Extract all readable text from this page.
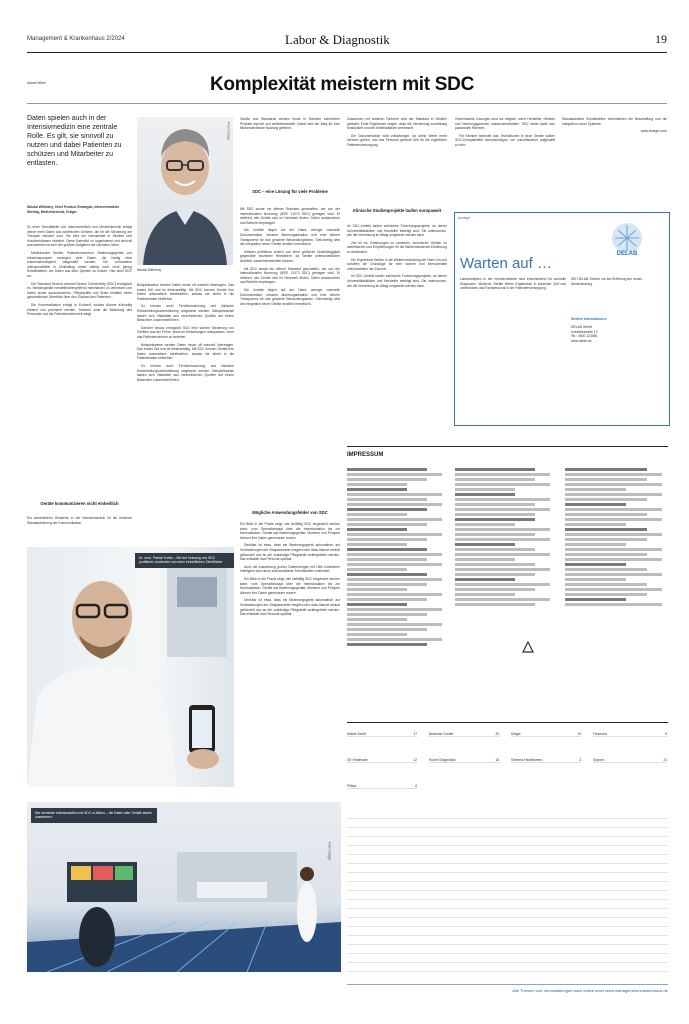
Management & Krankenhaus 2/2024	Labor & Diagnostik	19
Ariane Böhm	Komplexität meistern mit SDC
Daten spielen auch in der Intensivmedizin eine zentrale Rolle. Es gilt, sie sinnvoll zu nutzen und dabei Patienten zu schützen und Mitarbeiter zu entlasten.
Nikolai Wilhelmy, Chief Product Strategist, Intensivmedizin Wichtig, Medizintechnik, Dräger

Zu einer Schnittstelle von Intensivmedizin und Medizintechnik erfolgt immer mehr Daten aus zahlreichen Geräten, die für die Steuerung der Therapie relevant sind. Sie wird am Intensivbett in Kliniken und Krankenhäusern etabliert. Diese Datenflut zu organisieren und sinnvoll auszuwerten ist eine der größten Aufgaben der nächsten Jahre.

Medizinische Geräte, Patientenmonitore, Beatmungsgeräte und Infusionspumpen erzeugen viele Daten, die häufig nicht zusammenhängend dargestellt werden. Die vorhandene Interoperabilität in Klinikalltag bietet häufig noch nicht genug Schnittstellen, um Daten aus allen Quellen zu nutzen. Hier setzt SDC an.

Der Standard Service-oriented Device Connectivity (SDC) ermöglicht es, Medizingeräte herstellerübergreifend miteinander zu vernetzen und Daten sicher auszutauschen. Pflegekräfte und Ärzte erhalten einen ganzheitlichen Überblick über den Zustand des Patienten.

Die Kommunikation erfolgt in Echtzeit, sodass Alarme frühzeitig erkannt und priorisiert werden. Dadurch sinkt die Belastung des Personals und die Patientensicherheit steigt.

Geräte kommunizieren nicht einheitlich

Ein wesentliches Hindernis in der Intensivmedizin ist die fehlende Standardisierung der Kommunikation.

Foto: Dräger
Nikolai Wilhelmy

Beispielsweise werden Daten heute oft manuell übertragen. Das kostet Zeit und ist fehleranfällig. Mit SDC können Geräte ihre Daten automatisch bereitstellen, sodass sie direkt in die Patientenakte einfließen.

So können auch Fernüberwachung und klinische Entscheidungsunterstützung umgesetzt werden. Beispielsweise lassen sich Vitaldaten aus verschiedenen Quellen auf einem Bildschirm zusammenführen.

Darüber hinaus ermöglicht SDC eine sichere Steuerung von Geräten aus der Ferne, etwa um Einstellungen anzupassen, ohne das Patientenzimmer zu betreten.

Beispielsweise werden Daten heute oft manuell übertragen. Das kostet Zeit und ist fehleranfällig. Mit SDC können Geräte ihre Daten automatisch bereitstellen, sodass sie direkt in die Patientenakte einfließen.

So können auch Fernüberwachung und klinische Entscheidungsunterstützung umgesetzt werden. Beispielsweise lassen sich Vitaldaten aus verschiedenen Quellen auf einem Bildschirm zusammenführen.

Geräte und Standards werden heute in Rahmen zahlreicher Projekte erprobt und weiterentwickelt. Damit wird der Weg für eine flächendeckende Nutzung geebnet.

SDC – eine Lösung für viele Probleme

Mit SDC wurde ein offener Standard geschaffen, der von der internationalen Normung (IEEE 11073 SDC) getragen wird. Er definiert, wie Geräte sich im Netzwerk finden, Daten austauschen und Befehle empfangen.

Die Vorteile liegen auf der Hand: weniger manuelle Dokumentation, bessere Alarmorganisation und eine höhere Transparenz für das gesamte Behandlungsteam. Gleichzeitig wird die Integration neuer Geräte deutlich vereinfacht.

Kliniken profitieren zudem von einer größeren Unabhängigkeit gegenüber einzelnen Herstellern, da Geräte unterschiedlicher Anbieter zusammenarbeiten können.

Mit SDC wurde ein offener Standard geschaffen, der von der internationalen Normung (IEEE 11073 SDC) getragen wird. Er definiert, wie Geräte sich im Netzwerk finden, Daten austauschen und Befehle empfangen.

Die Vorteile liegen auf der Hand: weniger manuelle Dokumentation, bessere Alarmorganisation und eine höhere Transparenz für das gesamte Behandlungsteam. Gleichzeitig wird die Integration neuer Geräte deutlich vereinfacht.

Mögliche Anwendungsfelder von SDC

Ein Blick in die Praxis zeigt, wie vielfältig SDC eingesetzt werden kann: vom Operationssaal über die Intensivstation bis zur Normalstation. Geräte wie Beatmungsgeräte, Monitore und Pumpen können ihre Daten gemeinsam nutzen.

Denkbar ist etwa, dass ein Beatmungsgerät automatisch auf Veränderungen der Vitalparameter reagiert oder dass Alarme zentral gebündelt und an die zuständige Pflegekraft weitergeleitet werden. Das entlastet das Personal spürbar.

Auch die Auswertung großer Datenmengen mit Hilfe künstlicher Intelligenz wird durch standardisierte Schnittstellen erleichtert.

Ein Blick in die Praxis zeigt, wie vielfältig SDC eingesetzt werden kann: vom Operationssaal über die Intensivstation bis zur Normalstation. Geräte wie Beatmungsgeräte, Monitore und Pumpen können ihre Daten gemeinsam nutzen.

Denkbar ist etwa, dass ein Beatmungsgerät automatisch auf Veränderungen der Vitalparameter reagiert oder dass Alarme zentral gebündelt und an die zuständige Pflegekraft weitergeleitet werden. Das entlastet das Personal spürbar.

Zusammen mit weiteren Partnern wird der Standard in Kliniken getestet. Erste Ergebnisse zeigen, dass die Vernetzung zuverlässig funktioniert und die Arbeitsabläufe verbessert.

Die Dokumentation wird vollständiger, da keine Werte mehr verloren gehen, und das Personal gewinnt Zeit für die eigentliche Patientenversorgung.

Klinische Studienprojekte laufen europaweit

Im SDC-Umfeld laufen zahlreiche Forschungsprojekte, an denen Universitätskliniken und Hersteller beteiligt sind. Sie untersuchen, wie die Vernetzung im Alltag umgesetzt werden kann.

Ziel ist es, Erfahrungen zu sammeln, technische Hürden zu identifizieren und Empfehlungen für die flächendeckende Einführung zu entwickeln.

Die Ergebnisse fließen in die Weiterentwicklung der Norm ein und schaffen die Grundlage für eine sichere und interoperable Intensivstation der Zukunft.

Im SDC-Umfeld laufen zahlreiche Forschungsprojekte, an denen Universitätskliniken und Hersteller beteiligt sind. Sie untersuchen, wie die Vernetzung im Alltag umgesetzt werden kann.

Gemeinsame Lösungen sind nur möglich, wenn Hersteller, Kliniken und Normungsgremien zusammenarbeiten. SDC bietet dafür den passenden Rahmen.

Für Kliniken bedeutet das: Investitionen in neue Geräte sollten SDC-Kompatibilität berücksichtigen, um zukunftssicher aufgestellt zu sein.

Standardisierte Schnittstellen vereinfachen die Beschaffung und die Integration neuer Systeme.

www.draeger.com

Anzeige
DELAB
Warten auf …

Laboranalysen in der Intensivmedizin sind entscheidend für schnelle Diagnosen. Moderne Geräte liefern Ergebnisse in kürzester Zeit und unterstützen das Fachpersonal in der Patientenversorgung.

DIE DELAB-Tochter vor der Eröffnung der neuen Niederlassung.
Weitere Informationen:
DELAB GmbH
Industriestraße 12
Tel.: 0800 123456
www.delab.de
Dr. med. Patrick Kolbe – Bei der Nutzung von SDC profitieren Anwender von einer einheitlichen Oberfläche.
Die vernetzte Intensivstation mit SDC in Aktion – die Daten aller Geräte laufen zusammen.
Foto: Dräger
IMPRESSUM
Abbott GmbH	17	Beckman Coulter	20	Dräger	19	Fresenius	8
GE Healthcare	12	Roche Diagnostics	18	Siemens Healthineers	3	Sysmex	21
Philips	6
Alle Themen und Veranstaltungen auch online unter www.management-krankenhaus.de
